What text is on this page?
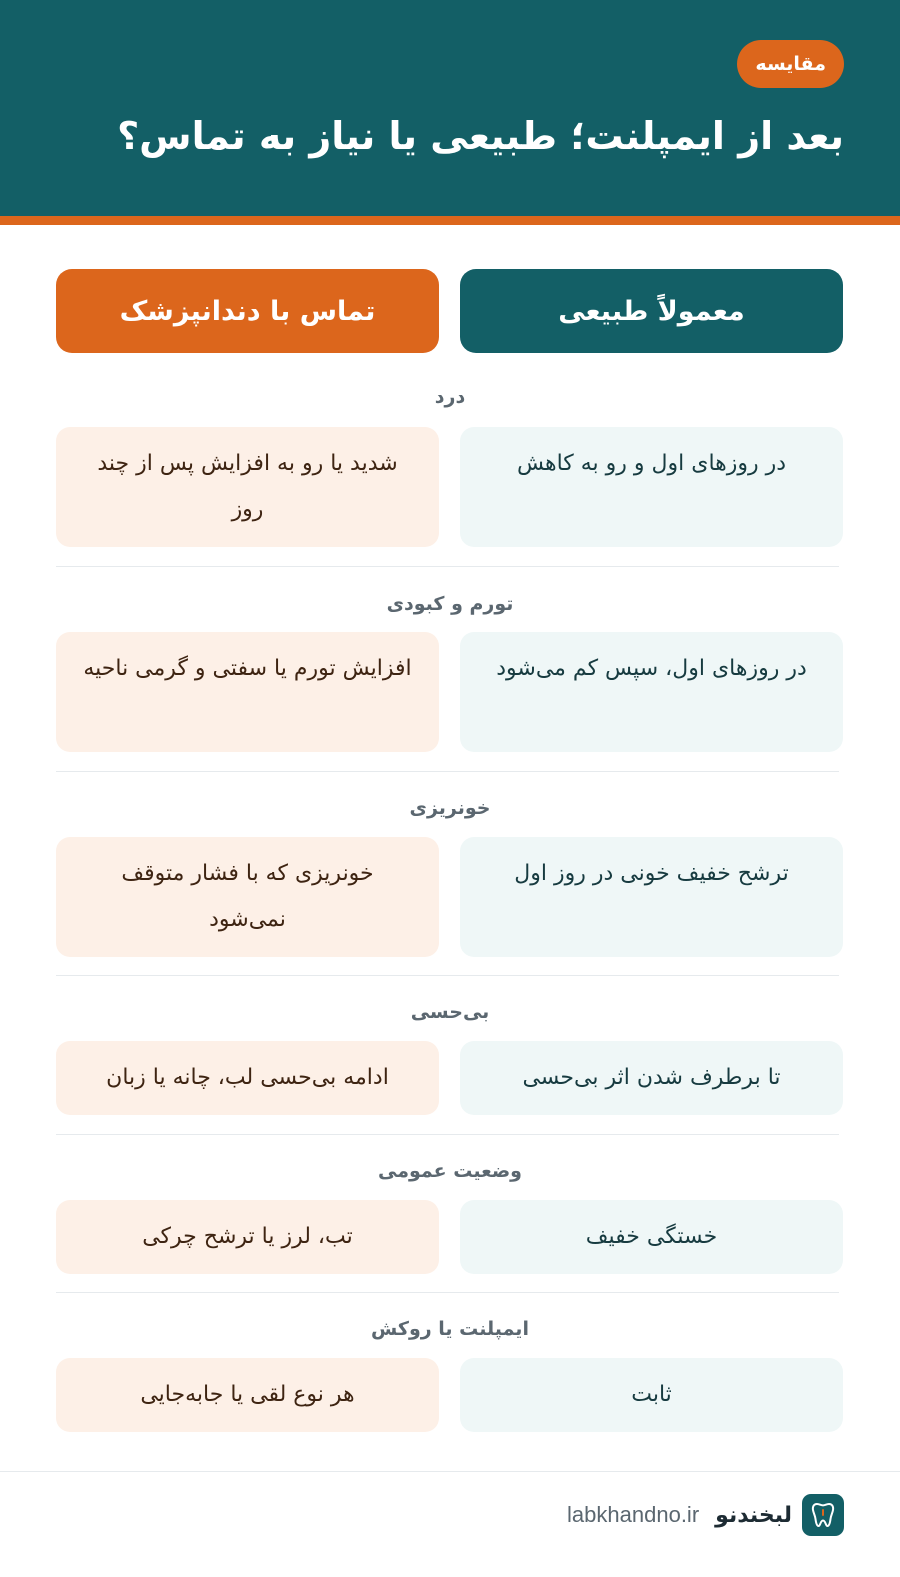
مقایسه
بعد از ایمپلنت؛ طبیعی یا نیاز به تماس؟
معمولاً طبیعی
تماس با دندانپزشک
درد
در روزهای اول و رو به کاهش
شدید یا رو به افزایش پس از چند روز
تورم و کبودی
در روزهای اول، سپس کم می‌شود
افزایش تورم یا سفتی و گرمی ناحیه
خونریزی
ترشح خفیف خونی در روز اول
خونریزی که با فشار متوقف نمی‌شود
بی‌حسی
تا برطرف شدن اثر بی‌حسی
ادامه بی‌حسی لب، چانه یا زبان
وضعیت عمومی
خستگی خفیف
تب، لرز یا ترشح چرکی
ایمپلنت یا روکش
ثابت
هر نوع لقی یا جابه‌جایی
لبخندنو
labkhandno.ir
